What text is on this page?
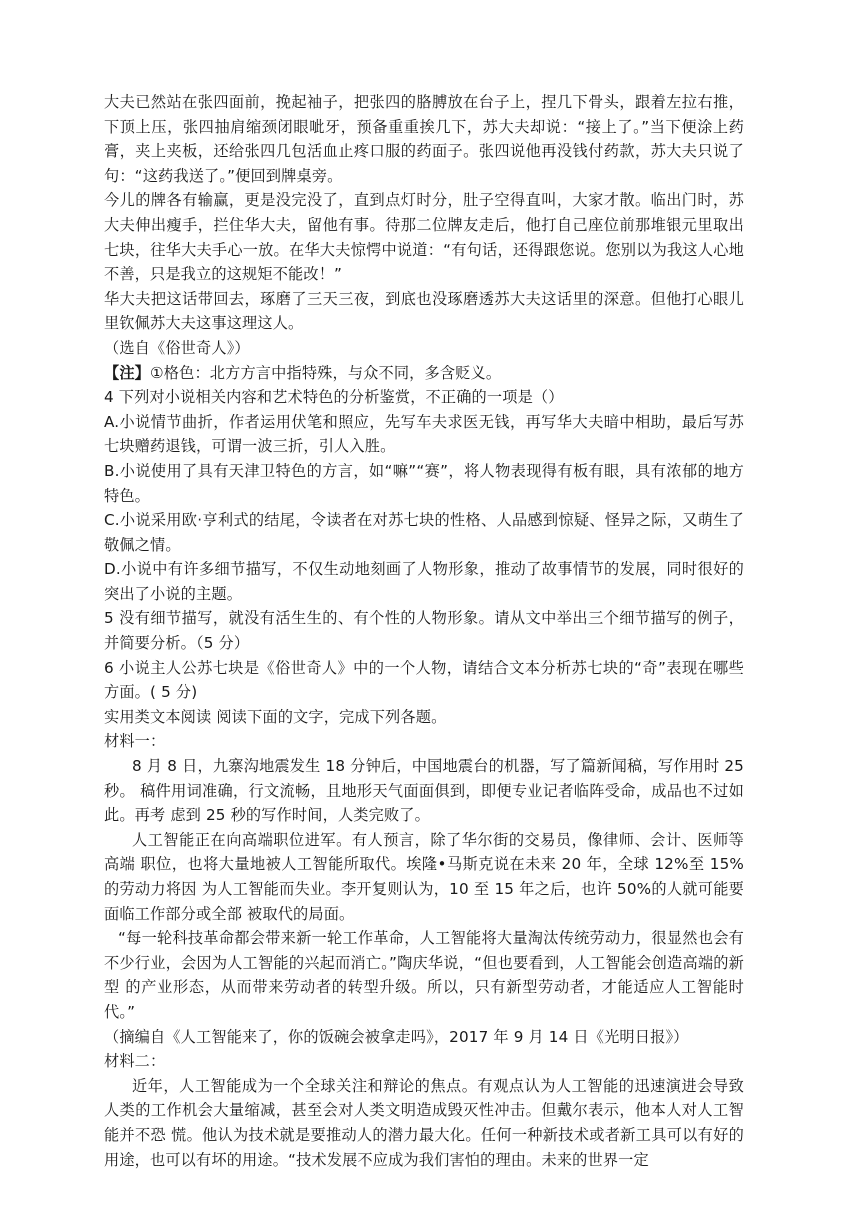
大夫已然站在张四面前，挽起袖子，把张四的胳膊放在台子上，捏几下骨头，跟着左拉右推，下顶上压，张四抽肩缩颈闭眼呲牙，预备重重挨几下，苏大夫却说：“接上了。”当下便涂上药膏，夹上夹板，还给张四几包活血止疼口服的药面子。张四说他再没钱付药款，苏大夫只说了句：“这药我送了。”便回到牌桌旁。

今儿的牌各有输赢，更是没完没了，直到点灯时分，肚子空得直叫，大家才散。临出门时，苏大夫伸出瘦手，拦住华大夫，留他有事。待那二位牌友走后，他打自己座位前那堆银元里取出七块，往华大夫手心一放。在华大夫惊愕中说道：“有句话，还得跟您说。您别以为我这人心地不善，只是我立的这规矩不能改！”

华大夫把这话带回去，琢磨了三天三夜，到底也没琢磨透苏大夫这话里的深意。但他打心眼儿里钦佩苏大夫这事这理这人。

（选自《俗世奇人》）

【注】①格色：北方方言中指特殊，与众不同，多含贬义。

4 下列对小说相关内容和艺术特色的分析鉴赏，不正确的一项是（）

A.小说情节曲折，作者运用伏笔和照应，先写车夫求医无钱，再写华大夫暗中相助，最后写苏七块赠药退钱，可谓一波三折，引人入胜。

B.小说使用了具有天津卫特色的方言，如“嘛”“赛”，将人物表现得有板有眼，具有浓郁的地方特色。

C.小说采用欧·亨利式的结尾，令读者在对苏七块的性格、人品感到惊疑、怪异之际，又萌生了敬佩之情。

D.小说中有许多细节描写，不仅生动地刻画了人物形象，推动了故事情节的发展，同时很好的突出了小说的主题。

5 没有细节描写，就没有活生生的、有个性的人物形象。请从文中举出三个细节描写的例子，并简要分析。（5 分）

6 小说主人公苏七块是《俗世奇人》中的一个人物，请结合文本分析苏七块的“奇”表现在哪些方面。( 5 分)

实用类文本阅读 阅读下面的文字，完成下列各题。

材料一：

8 月 8 日，九寨沟地震发生 18 分钟后，中国地震台的机器，写了篇新闻稿，写作用时 25 秒。 稿件用词准确，行文流畅，且地形天气面面俱到，即便专业记者临阵受命，成品也不过如此。再考 虑到 25 秒的写作时间，人类完败了。

人工智能正在向高端职位进军。有人预言，除了华尔街的交易员，像律师、会计、医师等高端 职位，也将大量地被人工智能所取代。埃隆•马斯克说在未来 20 年，全球 12%至 15%的劳动力将因 为人工智能而失业。李开复则认为，10 至 15 年之后，也许 50%的人就可能要面临工作部分或全部 被取代的局面。

“每一轮科技革命都会带来新一轮工作革命，人工智能将大量淘汰传统劳动力，很显然也会有 不少行业，会因为人工智能的兴起而消亡。”陶庆华说，“但也要看到，人工智能会创造高端的新型 的产业形态，从而带来劳动者的转型升级。所以，只有新型劳动者，才能适应人工智能时代。”

（摘编自《人工智能来了，你的饭碗会被拿走吗》，2017 年 9 月 14 日《光明日报》）

材料二：

近年，人工智能成为一个全球关注和辩论的焦点。有观点认为人工智能的迅速演进会导致人类的工作机会大量缩减，甚至会对人类文明造成毁灭性冲击。但戴尔表示，他本人对人工智能并不恐 慌。他认为技术就是要推动人的潜力最大化。任何一种新技术或者新工具可以有好的用途，也可以有坏的用途。“技术发展不应成为我们害怕的理由。未来的世界一定
